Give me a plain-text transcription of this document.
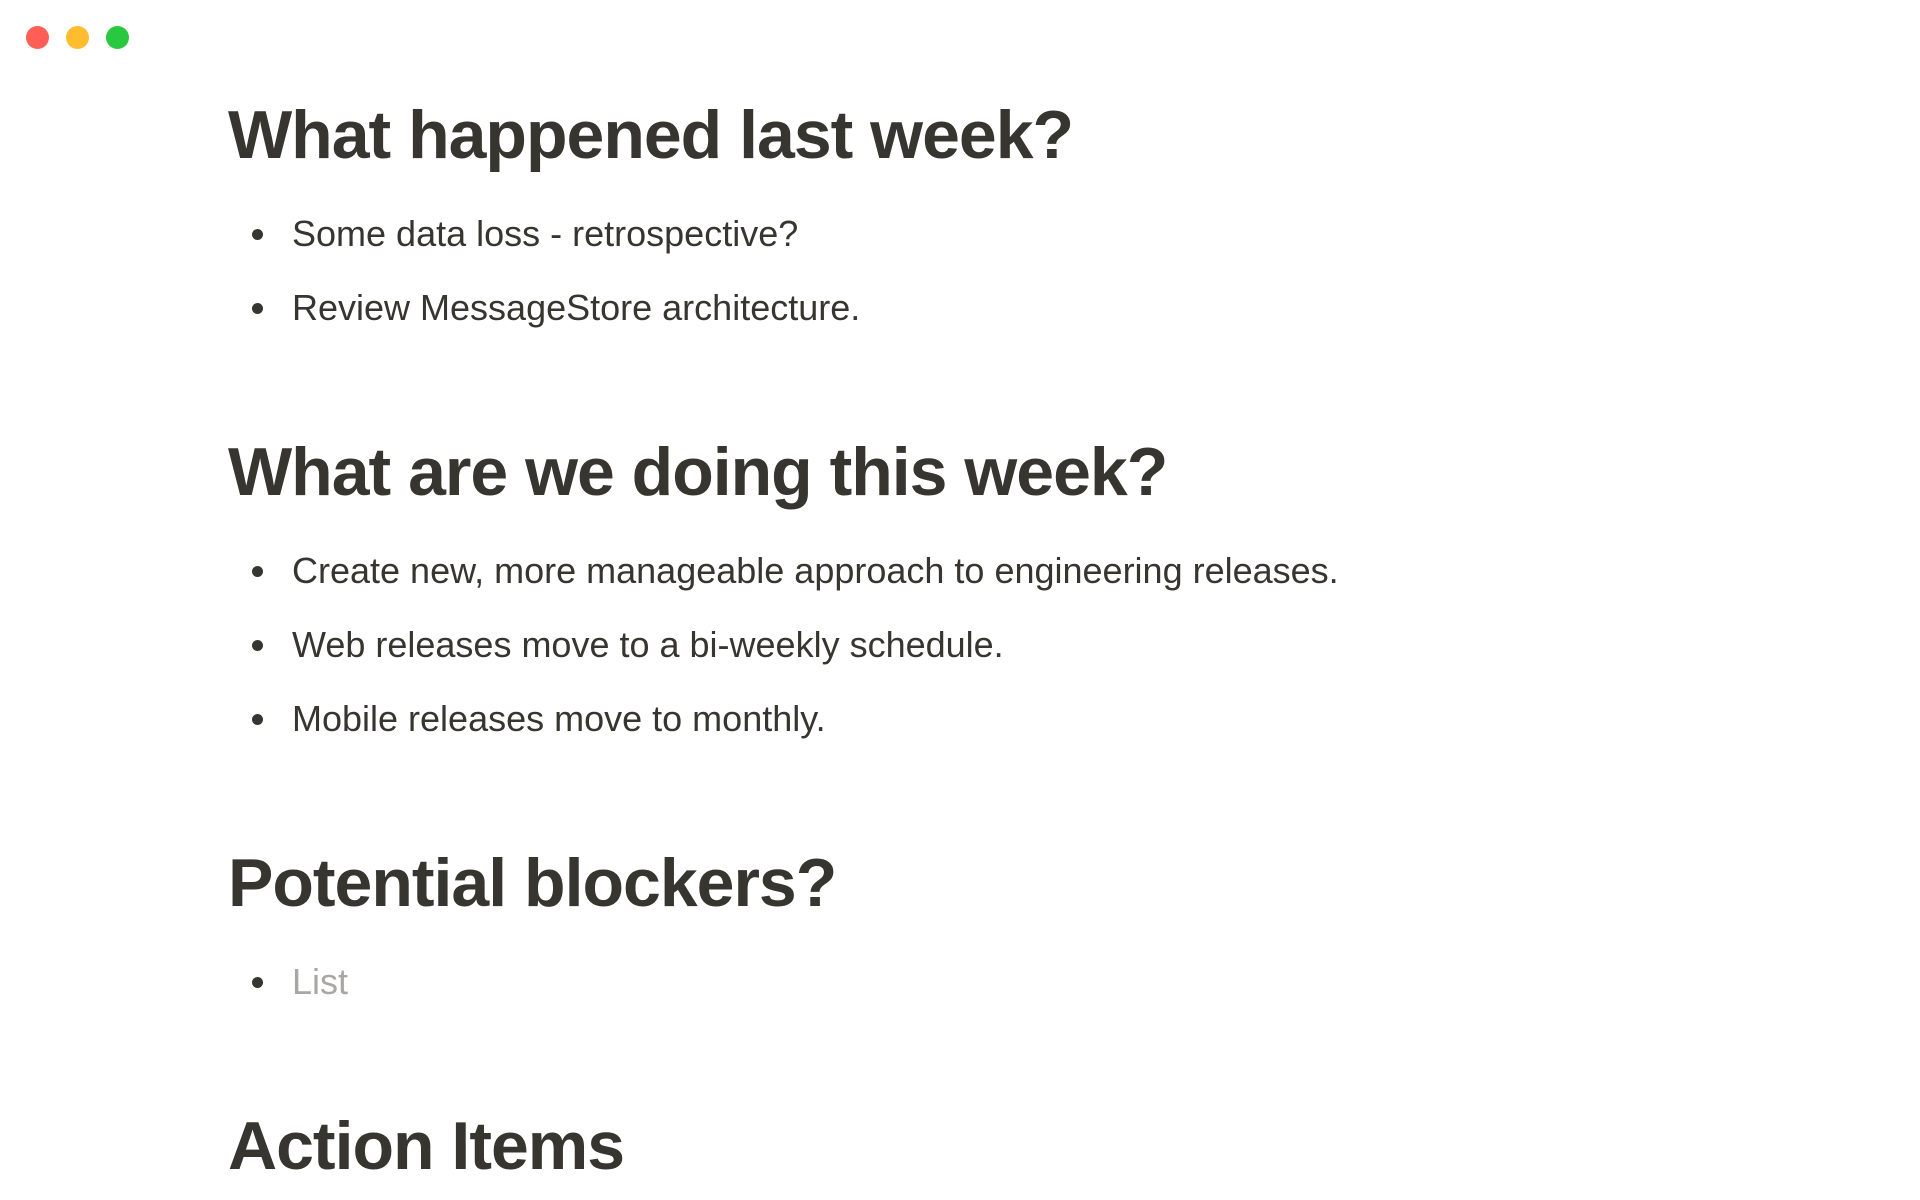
What happened last week?
Some data loss - retrospective?
Review MessageStore architecture.
What are we doing this week?
Create new, more manageable approach to engineering releases.
Web releases move to a bi-weekly schedule.
Mobile releases move to monthly.
Potential blockers?
List
Action Items
